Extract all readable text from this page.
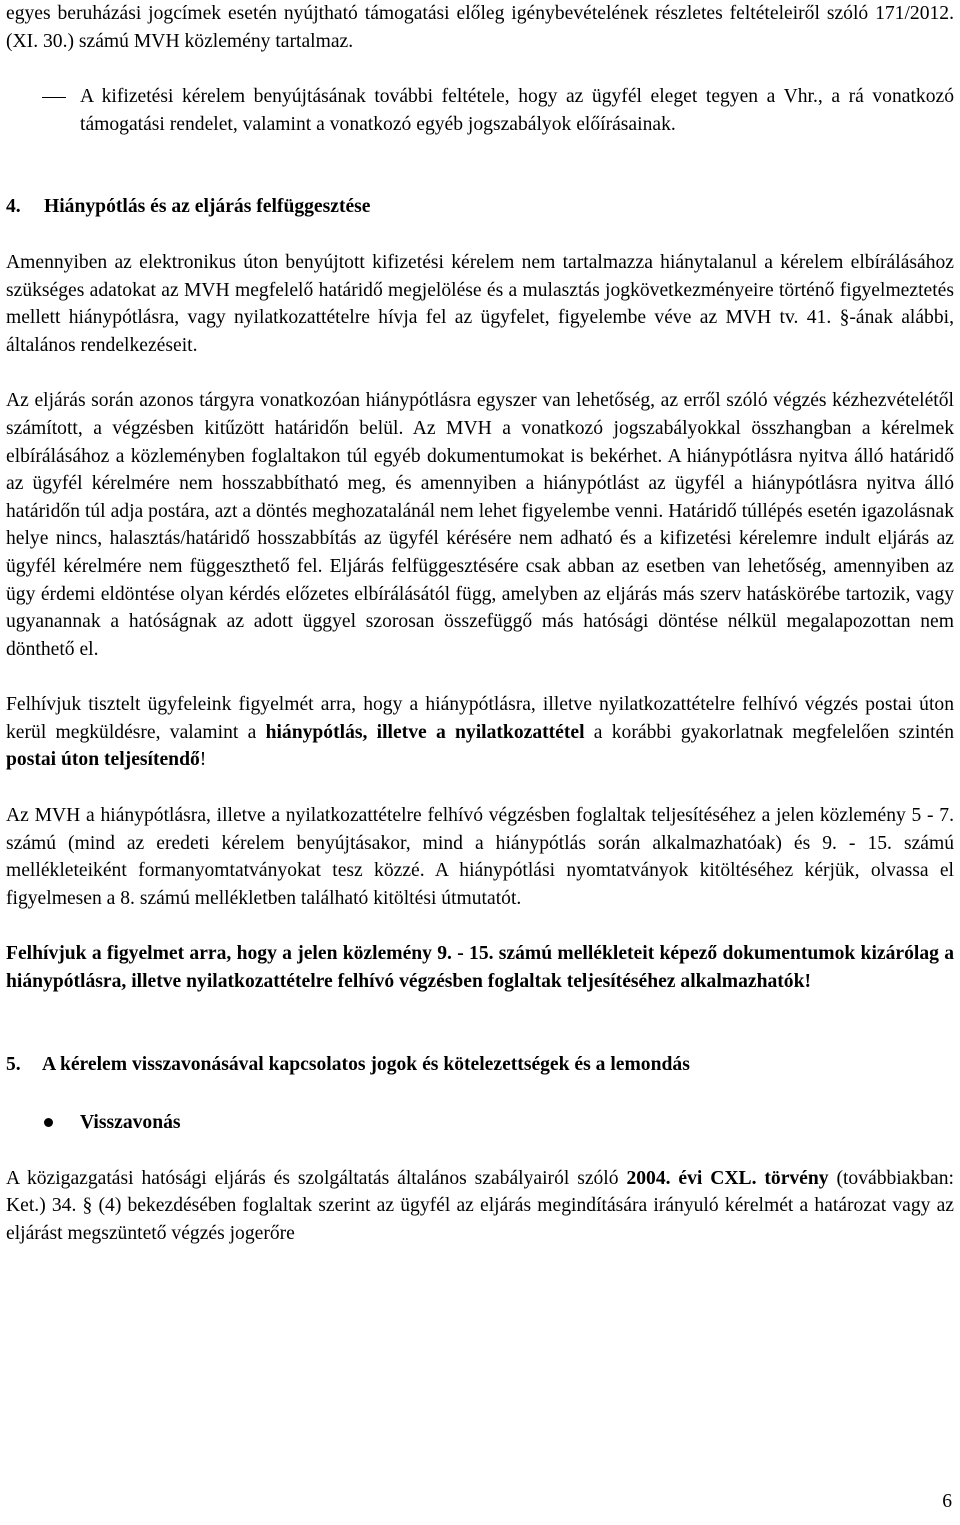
egyes beruházási jogcímek esetén nyújtható támogatási előleg igénybevételének részletes feltételeiről szóló 171/2012. (XI. 30.) számú MVH közlemény tartalmaz.

A kifizetési kérelem benyújtásának további feltétele, hogy az ügyfél eleget tegyen a Vhr., a rá vonatkozó támogatási rendelet, valamint a vonatkozó egyéb jogszabályok előírásainak.
4. Hiánypótlás és az eljárás felfüggesztése

Amennyiben az elektronikus úton benyújtott kifizetési kérelem nem tartalmazza hiánytalanul a kérelem elbírálásához szükséges adatokat az MVH megfelelő határidő megjelölése és a mulasztás jogkövetkezményeire történő figyelmeztetés mellett hiánypótlásra, vagy nyilatkozattételre hívja fel az ügyfelet, figyelembe véve az MVH tv. 41. §-ának alábbi, általános rendelkezéseit.

Az eljárás során azonos tárgyra vonatkozóan hiánypótlásra egyszer van lehetőség, az erről szóló végzés kézhezvételétől számított, a végzésben kitűzött határidőn belül. Az MVH a vonatkozó jogszabályokkal összhangban a kérelmek elbírálásához a közleményben foglaltakon túl egyéb dokumentumokat is bekérhet. A hiánypótlásra nyitva álló határidő az ügyfél kérelmére nem hosszabbítható meg, és amennyiben a hiánypótlást az ügyfél a hiánypótlásra nyitva álló határidőn túl adja postára, azt a döntés meghozatalánál nem lehet figyelembe venni. Határidő túllépés esetén igazolásnak helye nincs, halasztás/határidő hosszabbítás az ügyfél kérésére nem adható és a kifizetési kérelemre indult eljárás az ügyfél kérelmére nem függeszthető fel. Eljárás felfüggesztésére csak abban az esetben van lehetőség, amennyiben az ügy érdemi eldöntése olyan kérdés előzetes elbírálásától függ, amelyben az eljárás más szerv hatáskörébe tartozik, vagy ugyanannak a hatóságnak az adott üggyel szorosan összefüggő más hatósági döntése nélkül megalapozottan nem dönthető el.

Felhívjuk tisztelt ügyfeleink figyelmét arra, hogy a hiánypótlásra, illetve nyilatkozattételre felhívó végzés postai úton kerül megküldésre, valamint a hiánypótlás, illetve a nyilatkozattétel a korábbi gyakorlatnak megfelelően szintén postai úton teljesítendő!

Az MVH a hiánypótlásra, illetve a nyilatkozattételre felhívó végzésben foglaltak teljesítéséhez a jelen közlemény 5 - 7. számú (mind az eredeti kérelem benyújtásakor, mind a hiánypótlás során alkalmazhatóak) és 9. - 15. számú mellékleteiként formanyomtatványokat tesz közzé. A hiánypótlási nyomtatványok kitöltéséhez kérjük, olvassa el figyelmesen a 8. számú mellékletben található kitöltési útmutatót.

Felhívjuk a figyelmet arra, hogy a jelen közlemény 9. - 15. számú mellékleteit képező dokumentumok kizárólag a hiánypótlásra, illetve nyilatkozattételre felhívó végzésben foglaltak teljesítéséhez alkalmazhatók!

5. A kérelem visszavonásával kapcsolatos jogok és kötelezettségek és a lemondás
Visszavonás

A közigazgatási hatósági eljárás és szolgáltatás általános szabályairól szóló 2004. évi CXL. törvény (továbbiakban: Ket.) 34. § (4) bekezdésében foglaltak szerint az ügyfél az eljárás megindítására irányuló kérelmét a határozat vagy az eljárást megszüntető végzés jogerőre

6
